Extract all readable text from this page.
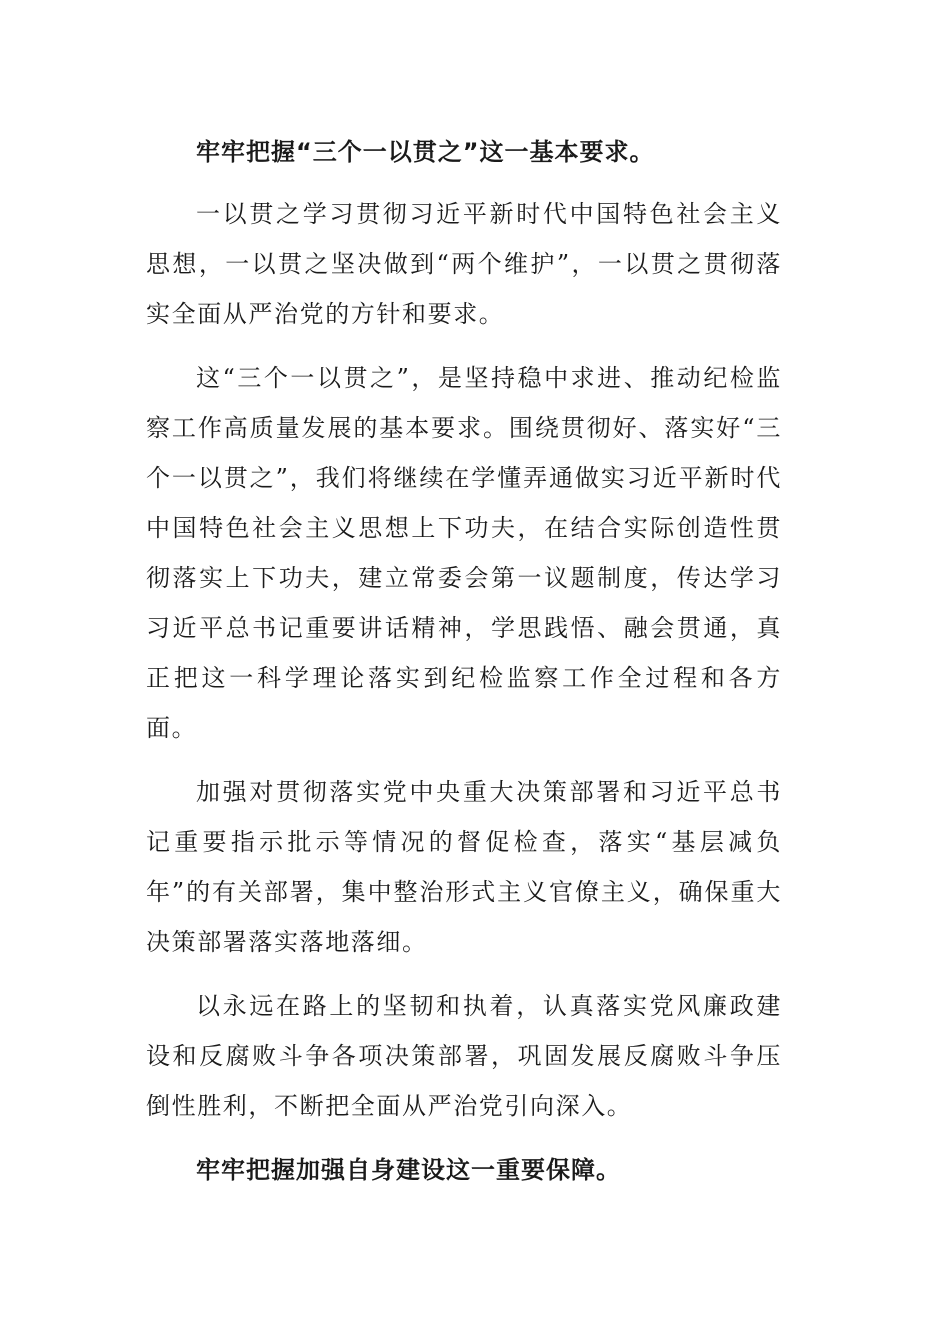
牢牢把握“三个一以贯之”这一基本要求。

一以贯之学习贯彻习近平新时代中国特色社会主义思想，一以贯之坚决做到“两个维护”，一以贯之贯彻落实全面从严治党的方针和要求。

这“三个一以贯之”，是坚持稳中求进、推动纪检监察工作高质量发展的基本要求。围绕贯彻好、落实好“三个一以贯之”，我们将继续在学懂弄通做实习近平新时代中国特色社会主义思想上下功夫，在结合实际创造性贯彻落实上下功夫，建立常委会第一议题制度，传达学习习近平总书记重要讲话精神，学思践悟、融会贯通，真正把这一科学理论落实到纪检监察工作全过程和各方面。

加强对贯彻落实党中央重大决策部署和习近平总书记重要指示批示等情况的督促检查，落实“基层减负年”的有关部署，集中整治形式主义官僚主义，确保重大决策部署落实落地落细。

以永远在路上的坚韧和执着，认真落实党风廉政建设和反腐败斗争各项决策部署，巩固发展反腐败斗争压倒性胜利，不断把全面从严治党引向深入。

牢牢把握加强自身建设这一重要保障。
